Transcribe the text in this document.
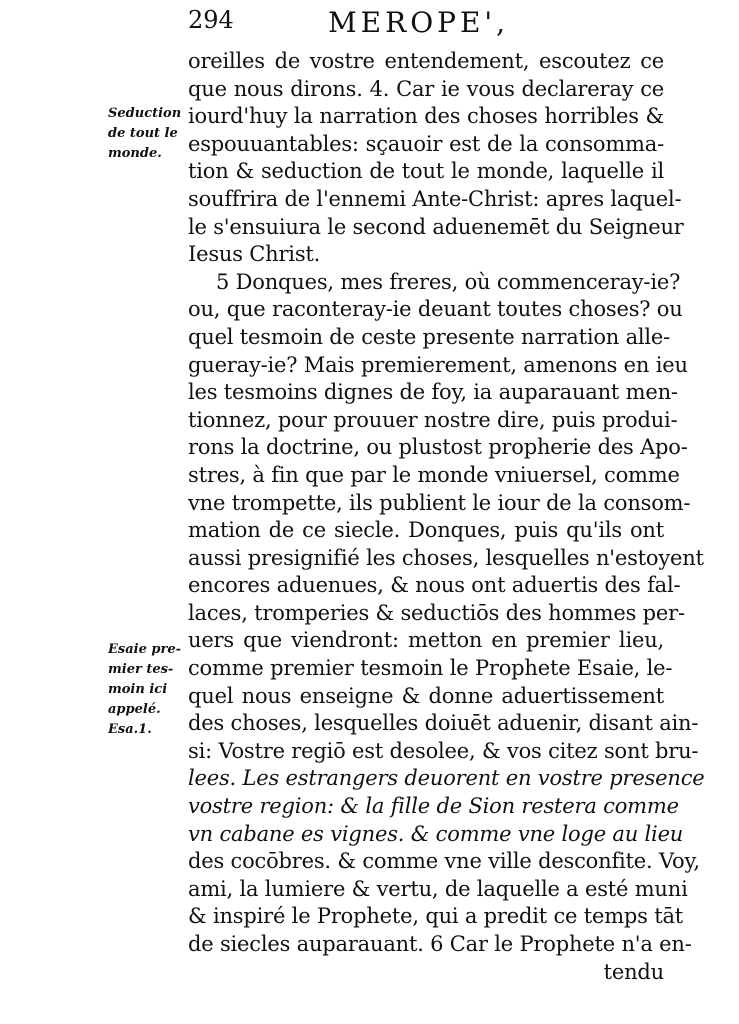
294	MEROPE',
Seduction
de tout le
monde.
Esaie pre-
mier tes-
moin ici
appelé.
Esa.1.
oreilles de vostre entendement, escoutez ce
que nous dirons. 4. Car ie vous declareray ce
iourd'huy la narration des choses horribles &
espouuantables: sçauoir est de la consomma-
tion & seduction de tout le monde, laquelle il
souffrira de l'ennemi Ante-Christ: apres laquel-
le s'ensuiura le second aduenemēt du Seigneur
Iesus Christ.
5 Donques, mes freres, où commenceray-ie?
ou, que raconteray-ie deuant toutes choses? ou
quel tesmoin de ceste presente narration alle-
gueray-ie? Mais premierement, amenons en ieu
les tesmoins dignes de foy, ia auparauant men-
tionnez, pour prouuer nostre dire, puis produi-
rons la doctrine, ou plustost propherie des Apo-
stres, à fin que par le monde vniuersel, comme
vne trompette, ils publient le iour de la consom-
mation de ce siecle. Donques, puis qu'ils ont
aussi presignifié les choses, lesquelles n'estoyent
encores aduenues, & nous ont aduertis des fal-
laces, tromperies & seductiōs des hommes per-
uers que viendront: metton en premier lieu,
comme premier tesmoin le Prophete Esaie, le-
quel nous enseigne & donne aduertissement
des choses, lesquelles doiuēt aduenir, disant ain-
si: Vostre regiō est desolee, & vos citez sont bru-
lees. Les estrangers deuorent en vostre presence
vostre region: & la fille de Sion restera comme
vn cabane es vignes. & comme vne loge au lieu
des cocōbres. & comme vne ville desconfite. Voy,
ami, la lumiere & vertu, de laquelle a esté muni
& inspiré le Prophete, qui a predit ce temps tāt
de siecles auparauant. 6 Car le Prophete n'a en-
tendu
